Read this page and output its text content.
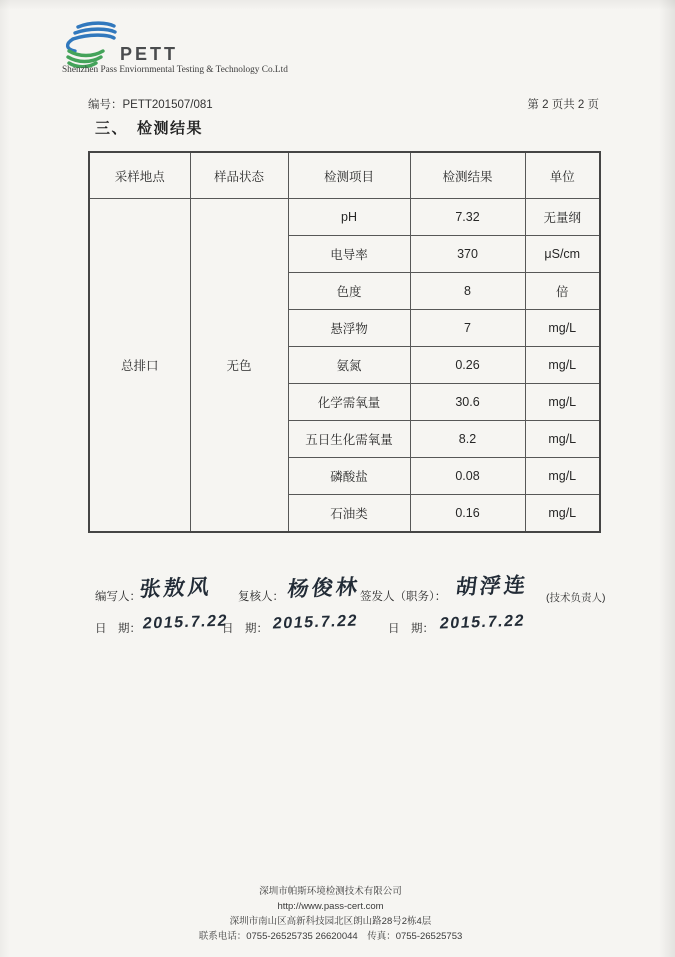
PETT
Shenzhen Pass Enviornmental Testing & Technology Co.Ltd
编号：PETT201507/081	第 2 页共 2 页
三、　检测结果
采样地点	样品状态	检测项目	检测结果	单位
总排口	无色	pH	7.32	无量纲
		电导率	370	μS/cm
		色度	8	倍
		悬浮物	7	mg/L
		氨氮	0.26	mg/L
		化学需氧量	30.6	mg/L
		五日生化需氧量	8.2	mg/L
		磷酸盐	0.08	mg/L
		石油类	0.16	mg/L
编写人：
张敖风 复核人： 杨俊林
签发人（职务）： 胡浮连 (技术负责人)
日　期： 2015.7.22
日　期： 2015.7.22	日　期： 2015.7.22
深圳市帕斯环境检测技术有限公司
http://www.pass-cert.com
深圳市南山区高新科技园北区朗山路28号2栋4层
联系电话：0755-26525735 26620044　传真：0755-26525753
